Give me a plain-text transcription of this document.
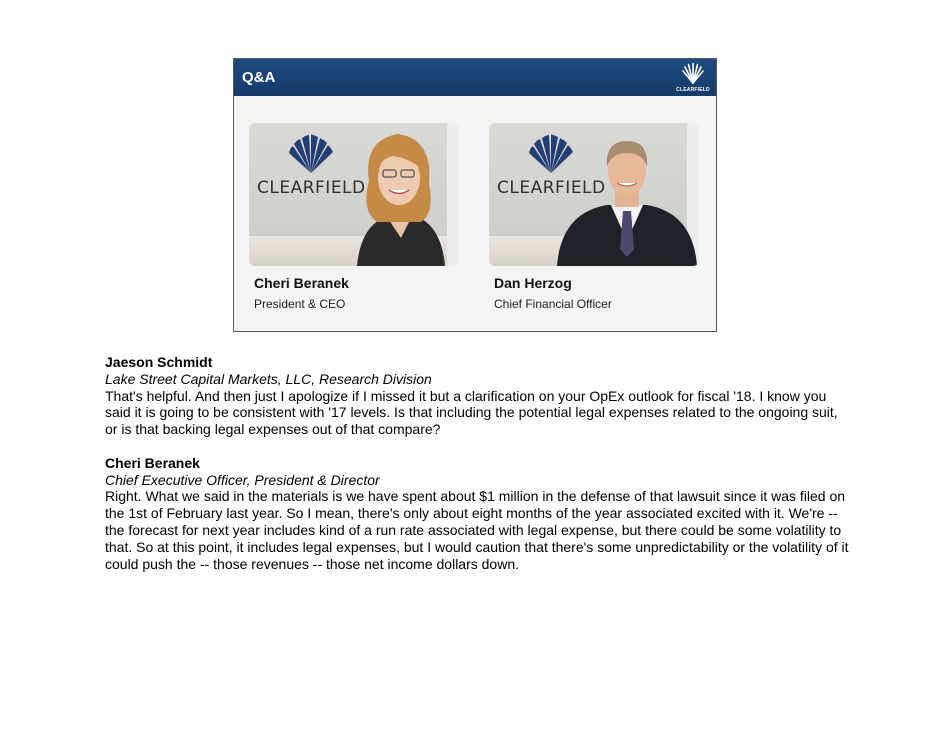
Q&A
CLEARFIELD
CLEARFIELD	CLEARFIELD
Cheri Beranek
President & CEO
Dan Herzog
Chief Financial Officer
Jaeson Schmidt
Lake Street Capital Markets, LLC, Research Division

That's helpful. And then just I apologize if I missed it but a clarification on your OpEx outlook for fiscal '18. I know you said it is going to be consistent with '17 levels. Is that including the potential legal expenses related to the ongoing suit, or is that backing legal expenses out of that compare?

Cheri Beranek
Chief Executive Officer, President & Director

Right. What we said in the materials is we have spent about $1 million in the defense of that lawsuit since it was filed on the 1st of February last year. So I mean, there's only about eight months of the year associated excited with it. We're -- the forecast for next year includes kind of a run rate associated with legal expense, but there could be some volatility to that. So at this point, it includes legal expenses, but I would caution that there's some unpredictability or the volatility of it could push the -- those revenues -- those net income dollars down.
